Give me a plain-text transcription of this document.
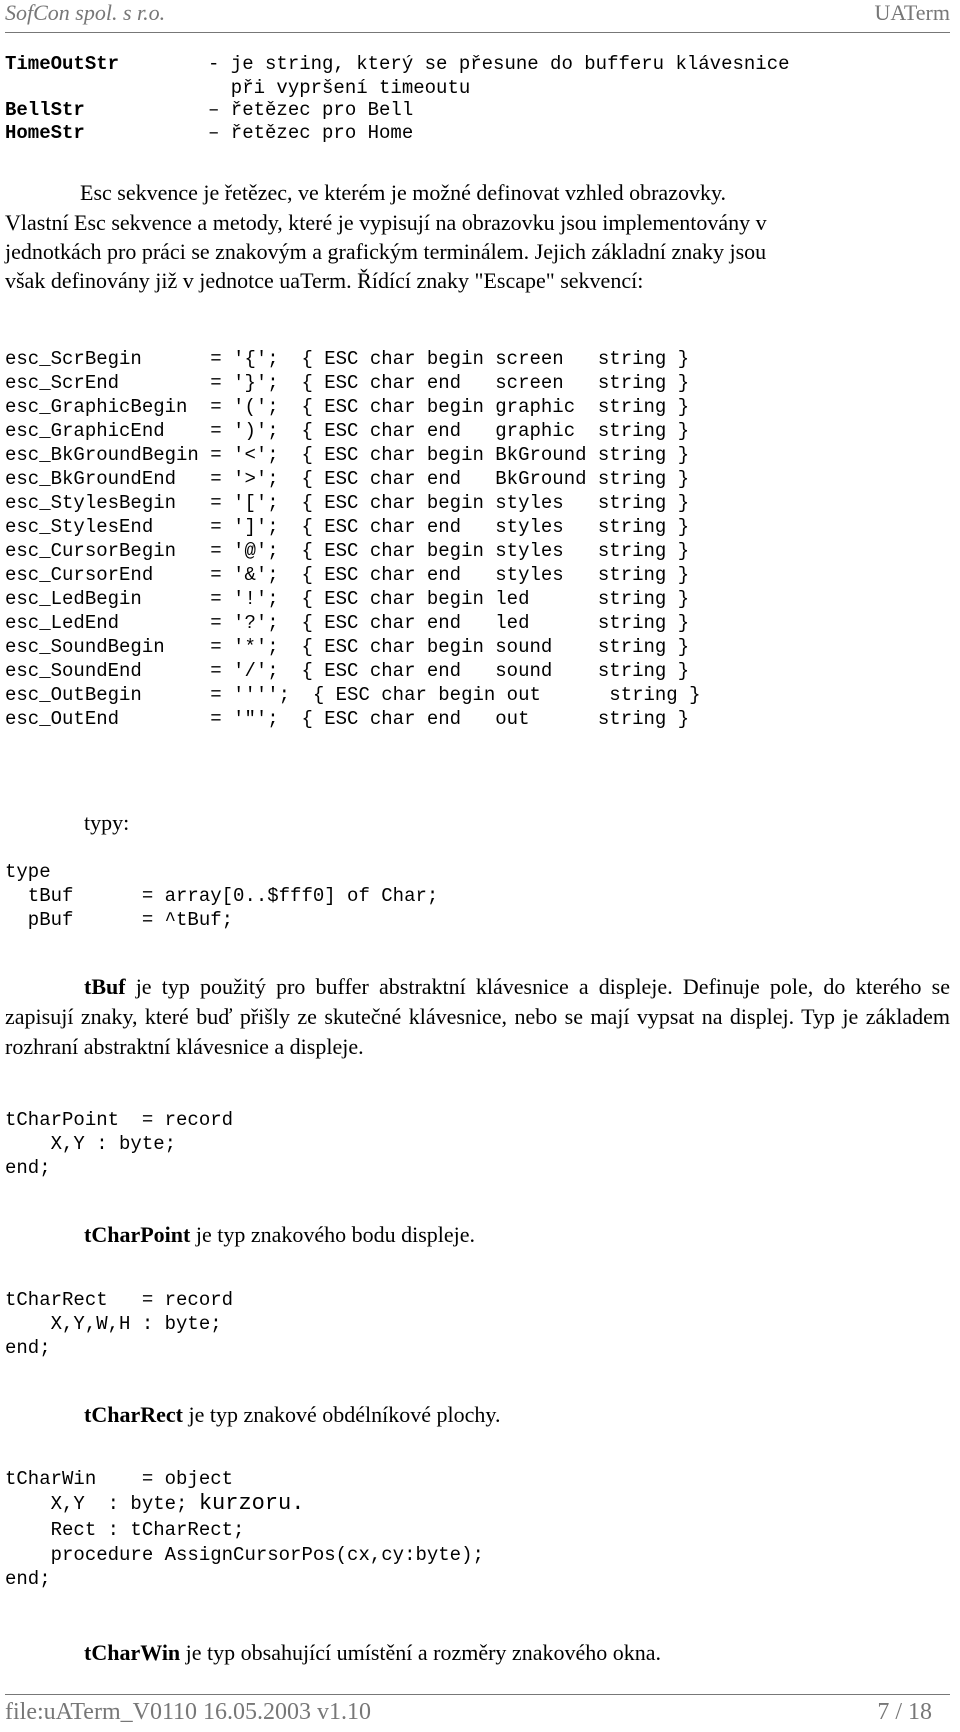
SofCon spol. s r.o.	UATerm
TimeOutStr	- je string, který se přesune do bufferu klávesnice
při vypršení timeoutu
BellStr	– řetězec pro Bell
HomeStr	– řetězec pro Home
Esc sekvence je řetězec, ve kterém je možné definovat vzhled obrazovky.
Vlastní Esc sekvence a metody, které je vypisují na obrazovku jsou implementovány v
jednotkách pro práci se znakovým a grafickým terminálem. Jejich základní znaky jsou
však definovány již v jednotce uaTerm. Řídící znaky "Escape" sekvencí:
esc_ScrBegin      = '{';  { ESC char begin screen   string }
esc_ScrEnd        = '}';  { ESC char end   screen   string }
esc_GraphicBegin  = '(';  { ESC char begin graphic  string }
esc_GraphicEnd    = ')';  { ESC char end   graphic  string }
esc_BkGroundBegin = '<';  { ESC char begin BkGround string }
esc_BkGroundEnd   = '>';  { ESC char end   BkGround string }
esc_StylesBegin   = '[';  { ESC char begin styles   string }
esc_StylesEnd     = ']';  { ESC char end   styles   string }
esc_CursorBegin   = '@';  { ESC char begin styles   string }
esc_CursorEnd     = '&';  { ESC char end   styles   string }
esc_LedBegin      = '!';  { ESC char begin led      string }
esc_LedEnd        = '?';  { ESC char end   led      string }
esc_SoundBegin    = '*';  { ESC char begin sound    string }
esc_SoundEnd      = '/';  { ESC char end   sound    string }
esc_OutBegin      = '''';  { ESC char begin out      string }
esc_OutEnd        = '"';  { ESC char end   out      string }
typy:
type
tBuf      = array[0..$fff0] of Char;
pBuf      = ^tBuf;
tBuf je typ použitý pro buffer abstraktní klávesnice a displeje. Definuje pole, do kterého se zapisují znaky, které buď přišly ze skutečné klávesnice, nebo se mají vypsat na displej. Typ je základem rozhraní abstraktní klávesnice a displeje.
tCharPoint  = record
X,Y : byte;
end;
tCharPoint je typ znakového bodu displeje.
tCharRect   = record
X,Y,W,H : byte;
end;
tCharRect je typ znakové obdélníkové plochy.
tCharWin    = object
X,Y  : byte; kurzoru.
Rect : tCharRect;
procedure AssignCursorPos(cx,cy:byte);
end;
tCharWin je typ obsahující umístění a rozměry znakového okna.
file:uATerm_V0110 16.05.2003 v1.10	7 / 18
